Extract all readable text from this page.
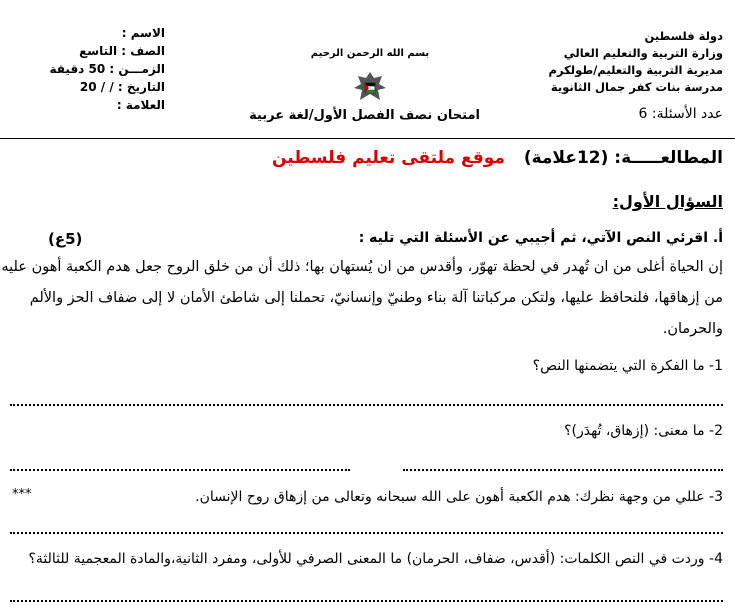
دولة فلسطين
وزارة التربية والتعليم العالي
مديرية التربية والتعليم/طولكرم
مدرسة بنات كفر جمال الثانوية
عدد الأسئلة: 6
بسم الله الرحمن الرحيم
امتحان نصف الفصل الأول/لغة عربية
الاسم :
الصف : التاسع
الزمـــن : 50 دقيقة
التاريخ : / / 20
العلامة :
المطالعـــــة: (12علامة)
موقع ملتقى تعليم فلسطين
السؤال الأول:
أ. اقرئي النص الآتي، ثم أجيبي عن الأسئلة التي تليه :
(5ع)
إن الحياة أغلى من ان تُهدر في لحظة تهوّر، وأقدس من ان يُستهان بها؛ ذلك أن من خلق الروح جعل هدم الكعبة أهون عليه
من إزهاقها، فلنحافظ عليها، ولتكن مركباتنا آلة بناء وطنيّ وإنسانيّ، تحملنا إلى شاطئ الأمان لا إلى ضفاف الحز والألم
والحرمان.
1- ما الفكرة التي يتضمنها النص؟
2- ما معنى: (إزهاق، تُهدَر)؟
3- عللي من وجهة نظرك: هدم الكعبة أهون على الله سبحانه وتعالى من إزهاق روح الإنسان.
***
4- وردت في النص الكلمات: (أقدس، ضفاف، الحرمان) ما المعنى الصرفي للأولى، ومفرد الثانية،والمادة المعجمية للثالثة؟
